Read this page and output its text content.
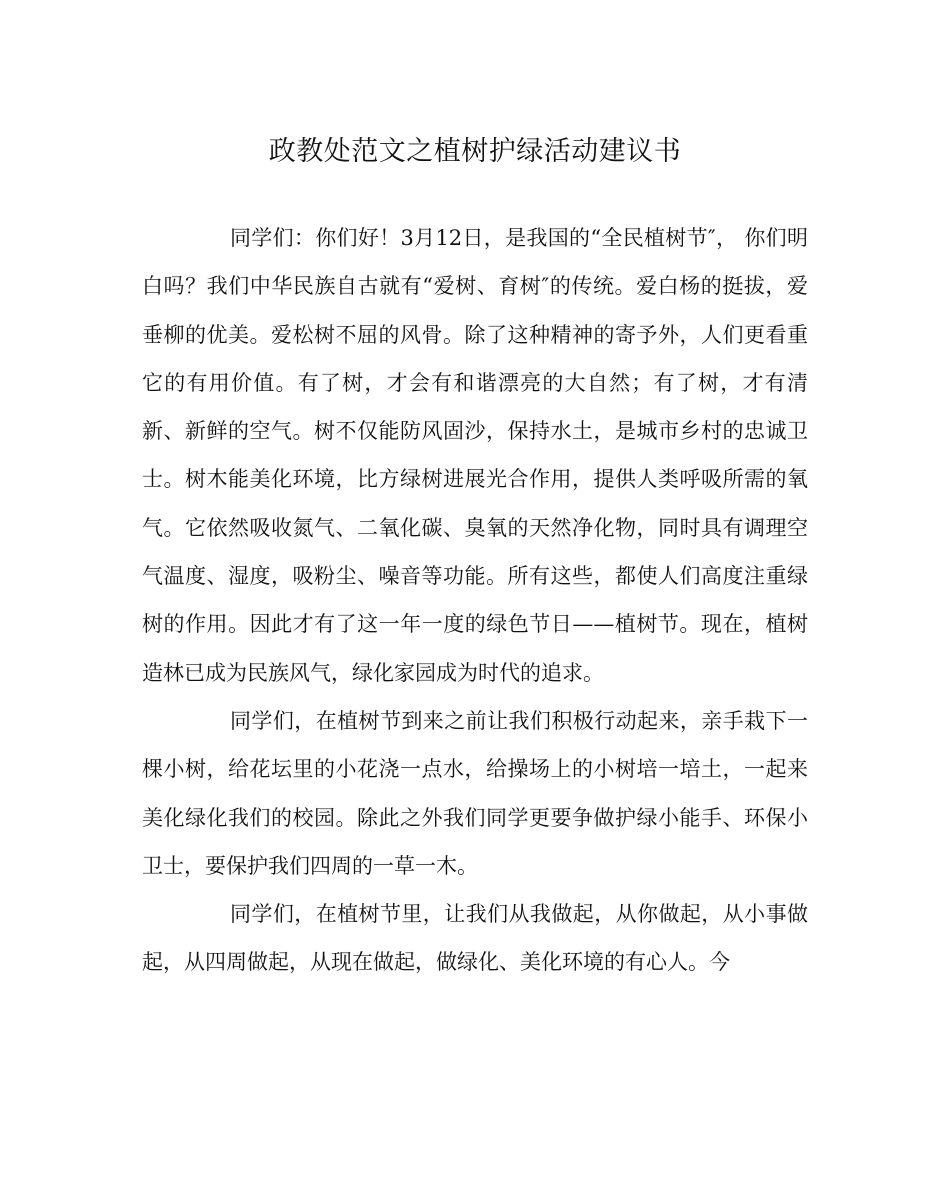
政教处范文之植树护绿活动建议书

同学们：你们好！3月12日，是我国的“全民植树节″， 你们明白吗？我们中华民族自古就有“爱树、育树″的传统。爱白杨的挺拔，爱垂柳的优美。爱松树不屈的风骨。除了这种精神的寄予外，人们更看重它的有用价值。有了树，才会有和谐漂亮的大自然；有了树，才有清新、新鲜的空气。树不仅能防风固沙，保持水土，是城市乡村的忠诚卫士。树木能美化环境，比方绿树进展光合作用，提供人类呼吸所需的氧气。它依然吸收氮气、二氧化碳、臭氧的天然净化物，同时具有调理空气温度、湿度，吸粉尘、噪音等功能。所有这些，都使人们高度注重绿树的作用。因此才有了这一年一度的绿色节日——植树节。现在，植树造林已成为民族风气，绿化家园成为时代的追求。

同学们，在植树节到来之前让我们积极行动起来，亲手栽下一棵小树，给花坛里的小花浇一点水，给操场上的小树培一培土，一起来美化绿化我们的校园。除此之外我们同学更要争做护绿小能手、环保小卫士，要保护我们四周的一草一木。

同学们，在植树节里，让我们从我做起，从你做起，从小事做起，从四周做起，从现在做起，做绿化、美化环境的有心人。今
